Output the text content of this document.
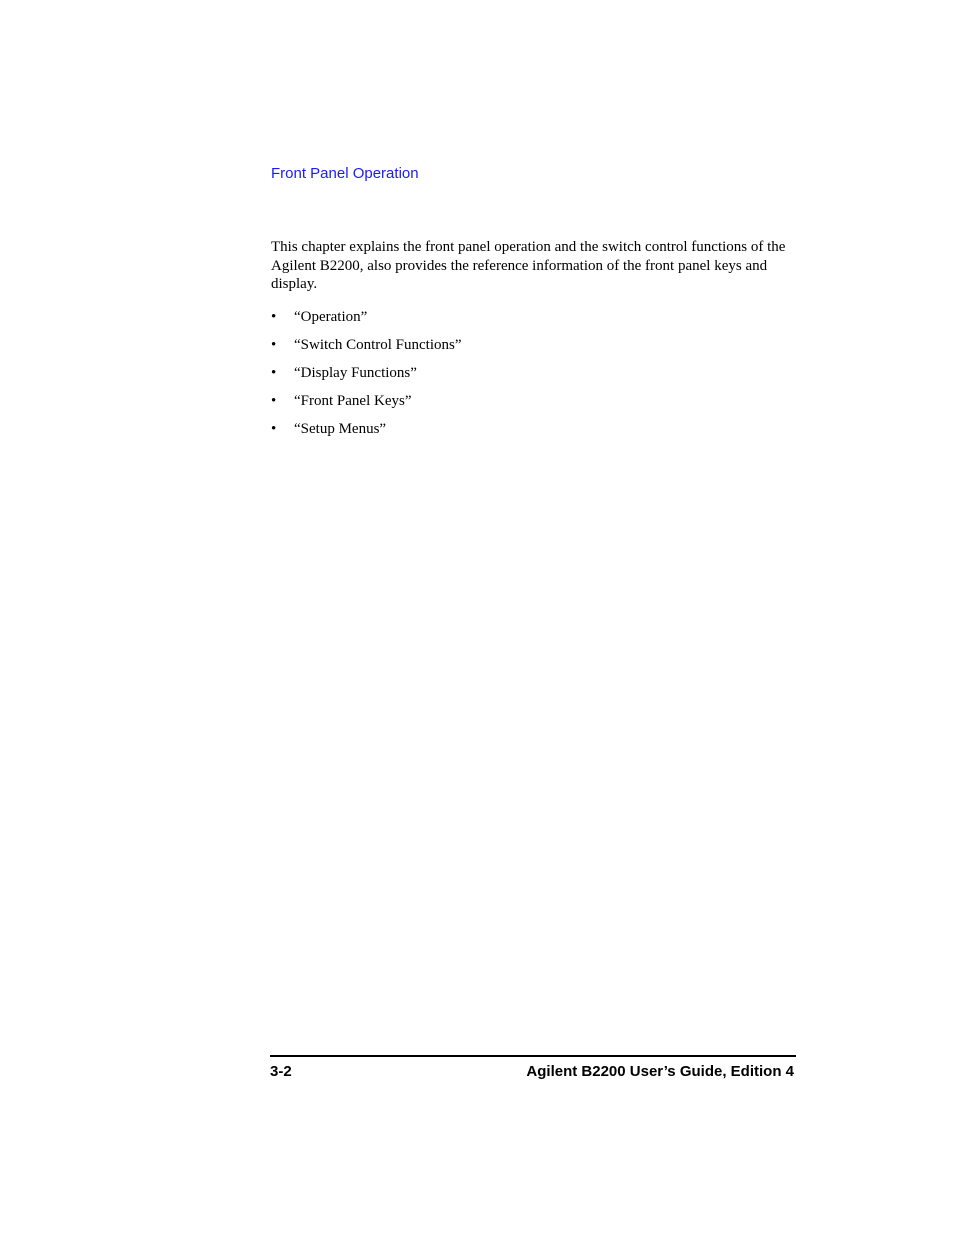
Front Panel Operation

This chapter explains the front panel operation and the switch control functions of the Agilent B2200, also provides the reference information of the front panel keys and display.

• “Operation”
• “Switch Control Functions”
• “Display Functions”
• “Front Panel Keys”
• “Setup Menus”
3-2	Agilent B2200 User’s Guide, Edition 4
